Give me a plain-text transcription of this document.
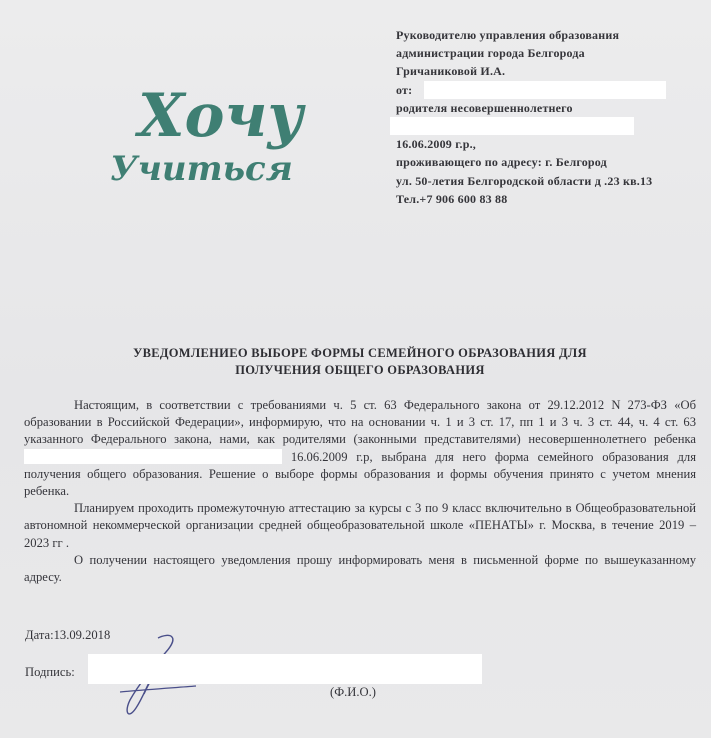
Руководителю управления образования
администрации города Белгорода
Гричаниковой И.А.
от:
родителя несовершеннолетнего
16.06.2009 г.р.,
проживающего по адресу: г. Белгород
ул. 50-летия Белгородской области д .23 кв.13
Тел.+7 906 600 83 88
Хочу
Учиться
УВЕДОМЛЕНИЕО ВЫБОРЕ ФОРМЫ СЕМЕЙНОГО ОБРАЗОВАНИЯ ДЛЯ
ПОЛУЧЕНИЯ ОБЩЕГО ОБРАЗОВАНИЯ

Настоящим, в соответствии с требованиями ч. 5 ст. 63 Федерального закона от 29.12.2012 N 273-ФЗ «Об образовании в Российской Федерации», информирую, что на основании ч. 1 и 3 ст. 17, пп 1 и 3 ч. 3 ст. 44, ч. 4 ст. 63 указанного Федерального закона, нами, как родителями (законными представителями) несовершеннолетнего ребенка  16.06.2009 г.р, выбрана для него форма семейного образования для получения общего образования. Решение о выборе формы образования и формы обучения принято с учетом мнения ребенка.

Планируем проходить промежуточную аттестацию за курсы с 3 по 9 класс включительно в Общеобразовательной автономной некоммерческой организации средней общеобразовательной школе «ПЕНАТЫ» г. Москва, в течение 2019 – 2023 гг .

О получении настоящего уведомления прошу информировать меня в письменной форме по вышеуказанному адресу.

Дата:13.09.2018
Подпись:
(Ф.И.О.)
